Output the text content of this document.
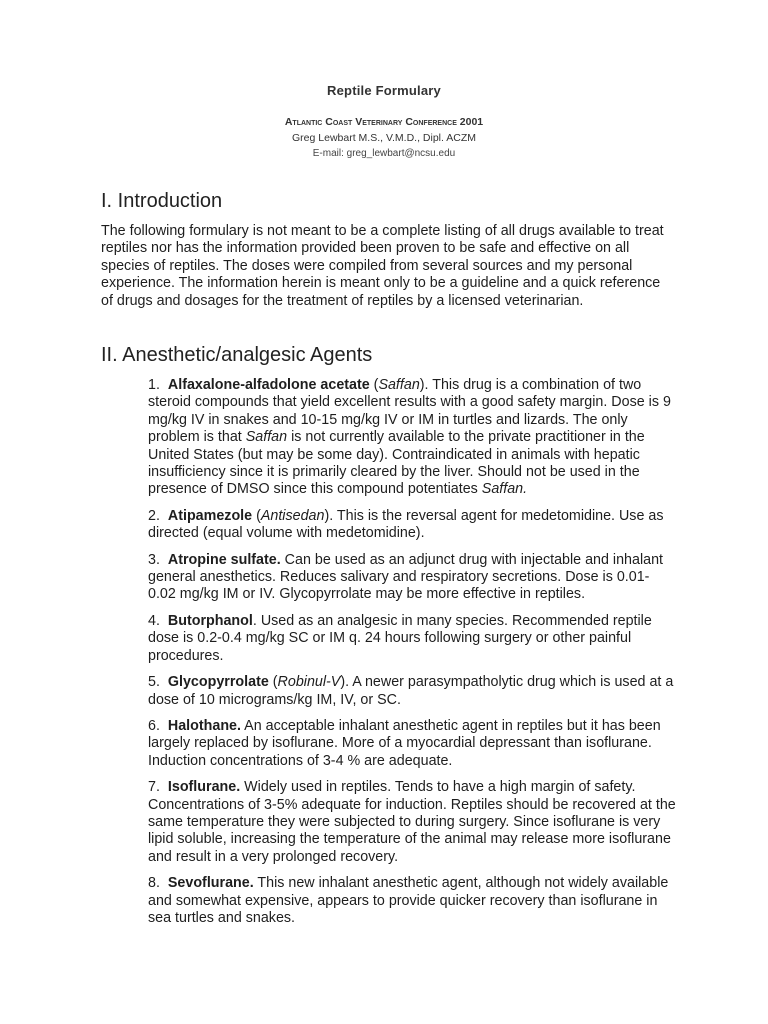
Reptile Formulary
Atlantic Coast Veterinary Conference 2001
Greg Lewbart M.S., V.M.D., Dipl. ACZM
E-mail: greg_lewbart@ncsu.edu
I. Introduction

The following formulary is not meant to be a complete listing of all drugs available to treat reptiles nor has the information provided been proven to be safe and effective on all species of reptiles. The doses were compiled from several sources and my personal experience. The information herein is meant only to be a guideline and a quick reference of drugs and dosages for the treatment of reptiles by a licensed veterinarian.

II. Anesthetic/analgesic Agents

1. Alfaxalone-alfadolone acetate (Saffan). This drug is a combination of two steroid compounds that yield excellent results with a good safety margin. Dose is 9 mg/kg IV in snakes and 10-15 mg/kg IV or IM in turtles and lizards. The only problem is that Saffan is not currently available to the private practitioner in the United States (but may be some day). Contraindicated in animals with hepatic insufficiency since it is primarily cleared by the liver. Should not be used in the presence of DMSO since this compound potentiates Saffan.

2. Atipamezole (Antisedan). This is the reversal agent for medetomidine. Use as directed (equal volume with medetomidine).

3. Atropine sulfate. Can be used as an adjunct drug with injectable and inhalant general anesthetics. Reduces salivary and respiratory secretions. Dose is 0.01-0.02 mg/kg IM or IV. Glycopyrrolate may be more effective in reptiles.

4. Butorphanol. Used as an analgesic in many species. Recommended reptile dose is 0.2-0.4 mg/kg SC or IM q. 24 hours following surgery or other painful procedures.

5. Glycopyrrolate (Robinul-V). A newer parasympatholytic drug which is used at a dose of 10 micrograms/kg IM, IV, or SC.

6. Halothane. An acceptable inhalant anesthetic agent in reptiles but it has been largely replaced by isoflurane. More of a myocardial depressant than isoflurane. Induction concentrations of 3-4 % are adequate.

7. Isoflurane. Widely used in reptiles. Tends to have a high margin of safety. Concentrations of 3-5% adequate for induction. Reptiles should be recovered at the same temperature they were subjected to during surgery. Since isoflurane is very lipid soluble, increasing the temperature of the animal may release more isoflurane and result in a very prolonged recovery.

8. Sevoflurane. This new inhalant anesthetic agent, although not widely available and somewhat expensive, appears to provide quicker recovery than isoflurane in sea turtles and snakes.
